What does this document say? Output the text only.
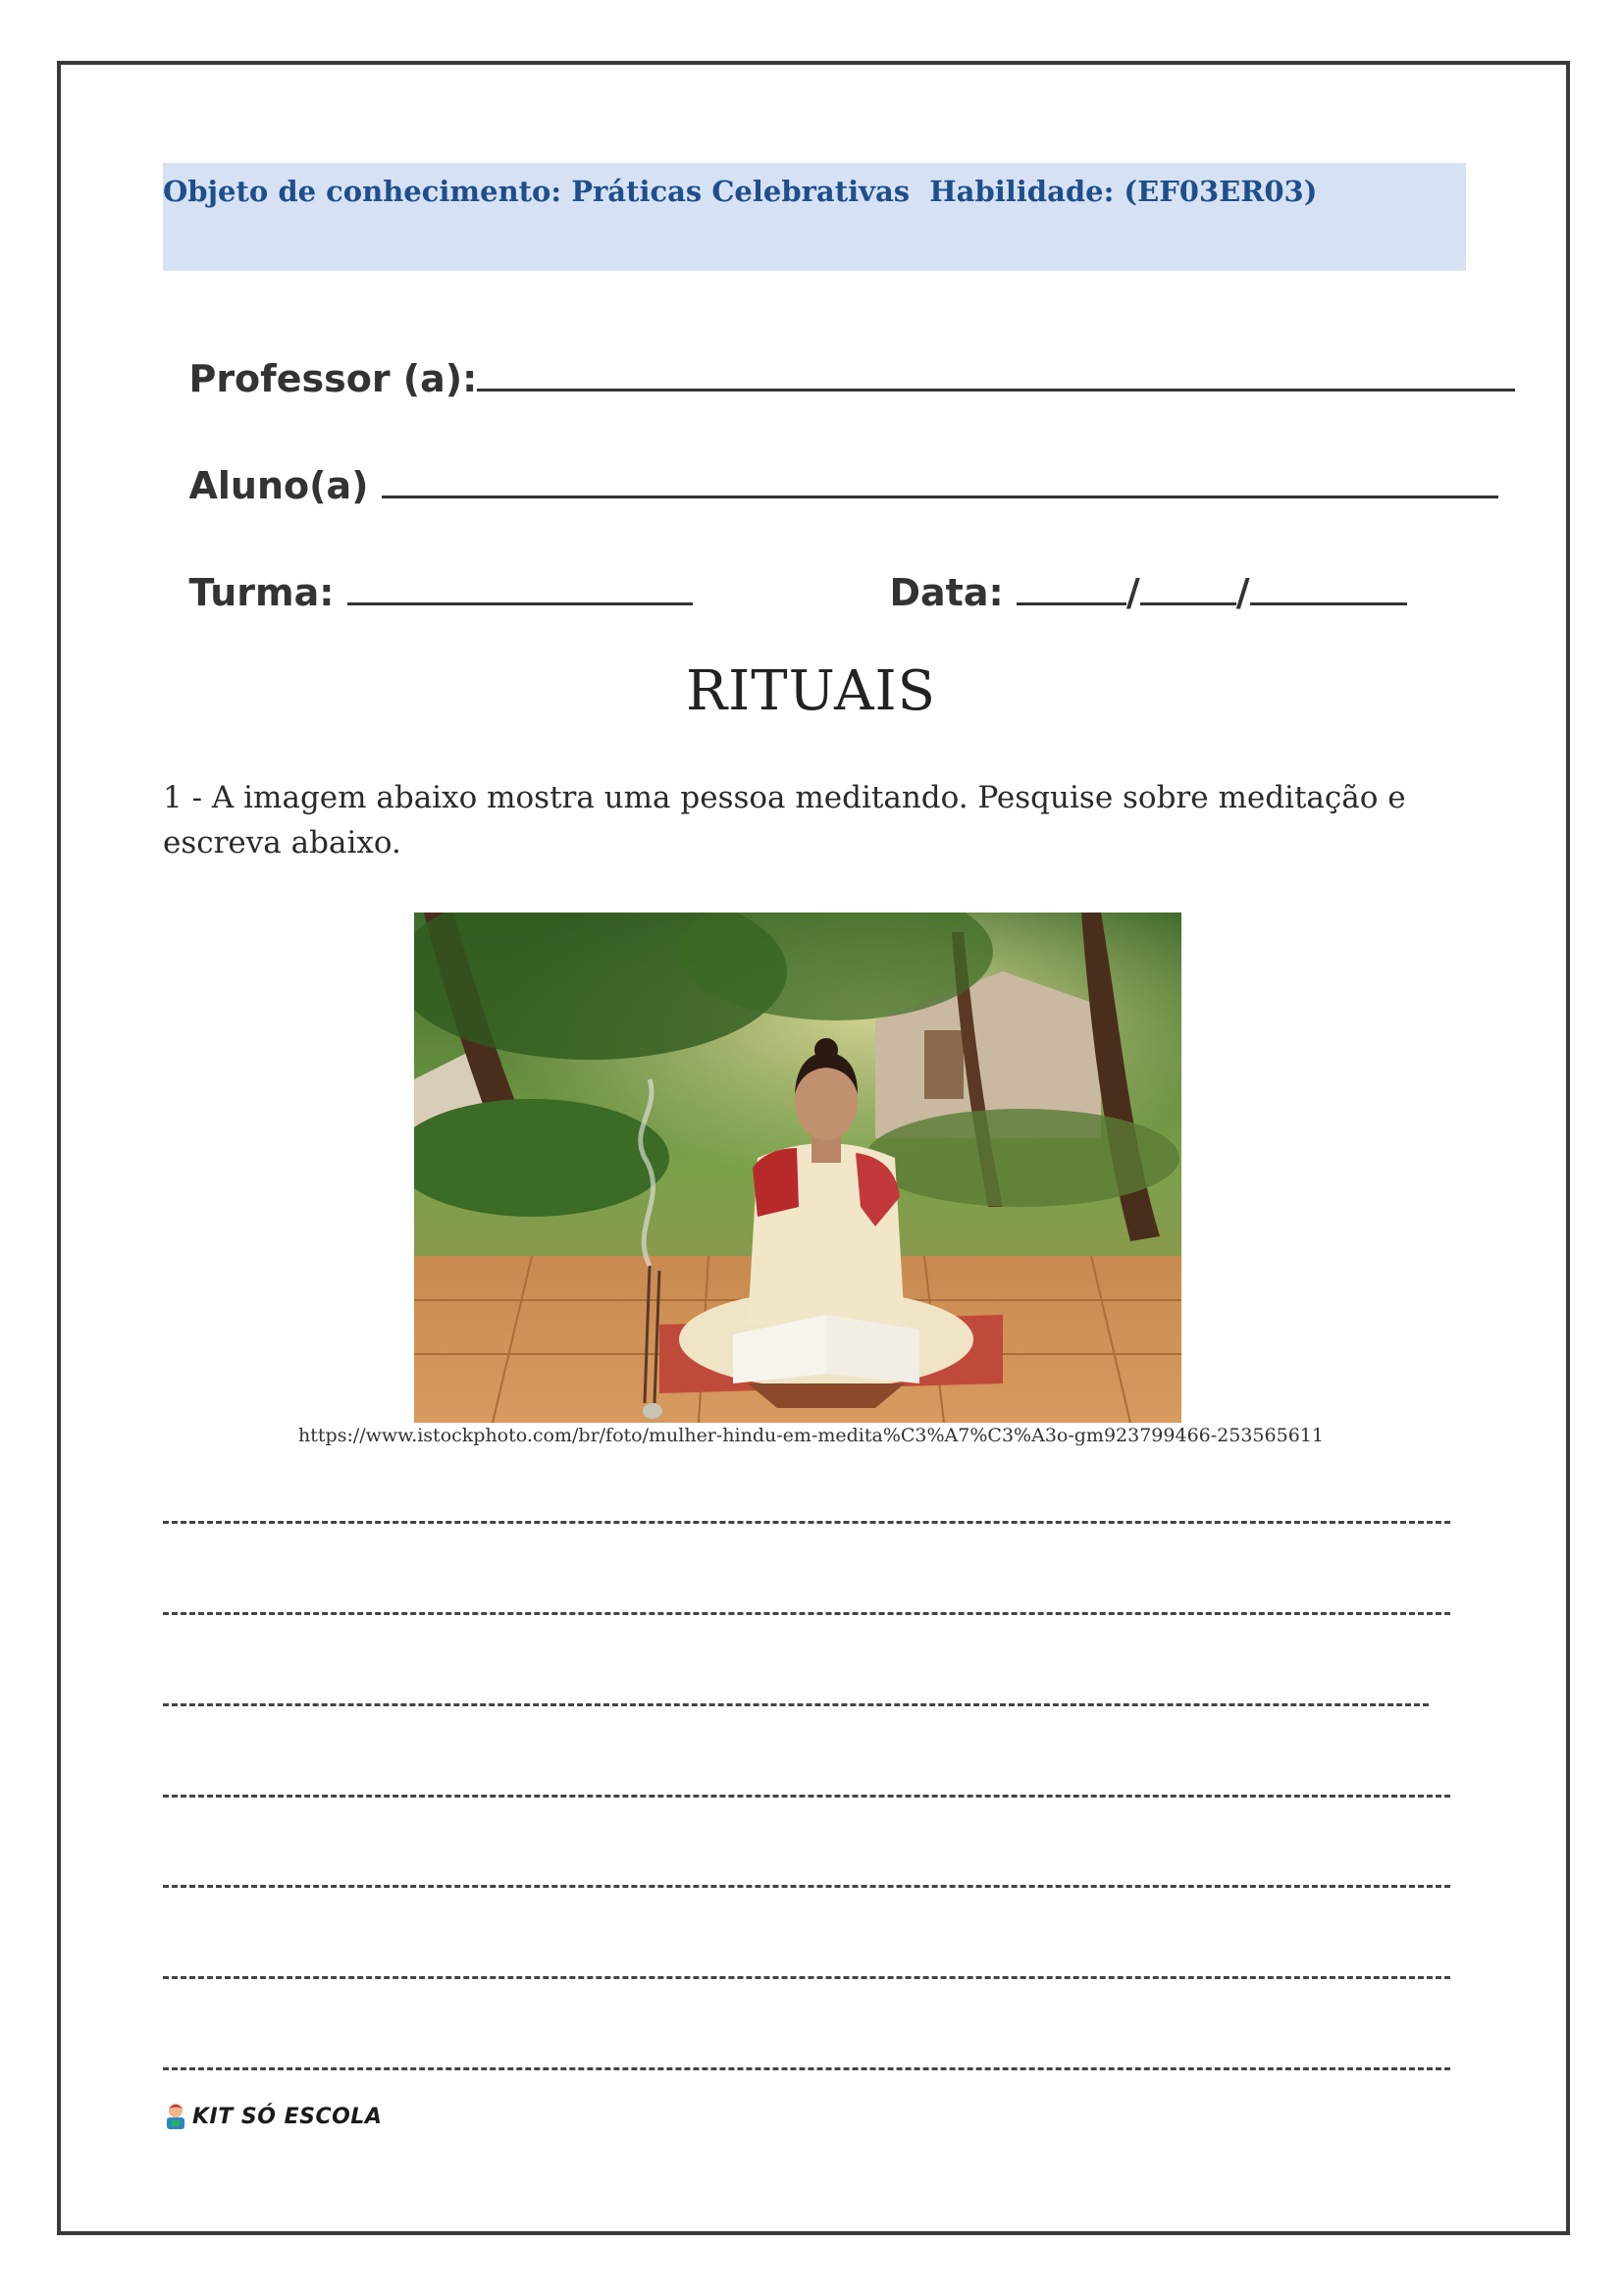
Objeto de conhecimento: Práticas Celebrativas  Habilidade: (EF03ER03)

Professor (a):

Aluno(a)

Turma:	Data:	/	/

RITUAIS
1 - A imagem abaixo mostra uma pessoa meditando. Pesquise sobre meditação e escreva abaixo.
https://www.istockphoto.com/br/foto/mulher-hindu-em-medita%C3%A7%C3%A3o-gm923799466-253565611
KIT SÓ ESCOLA
